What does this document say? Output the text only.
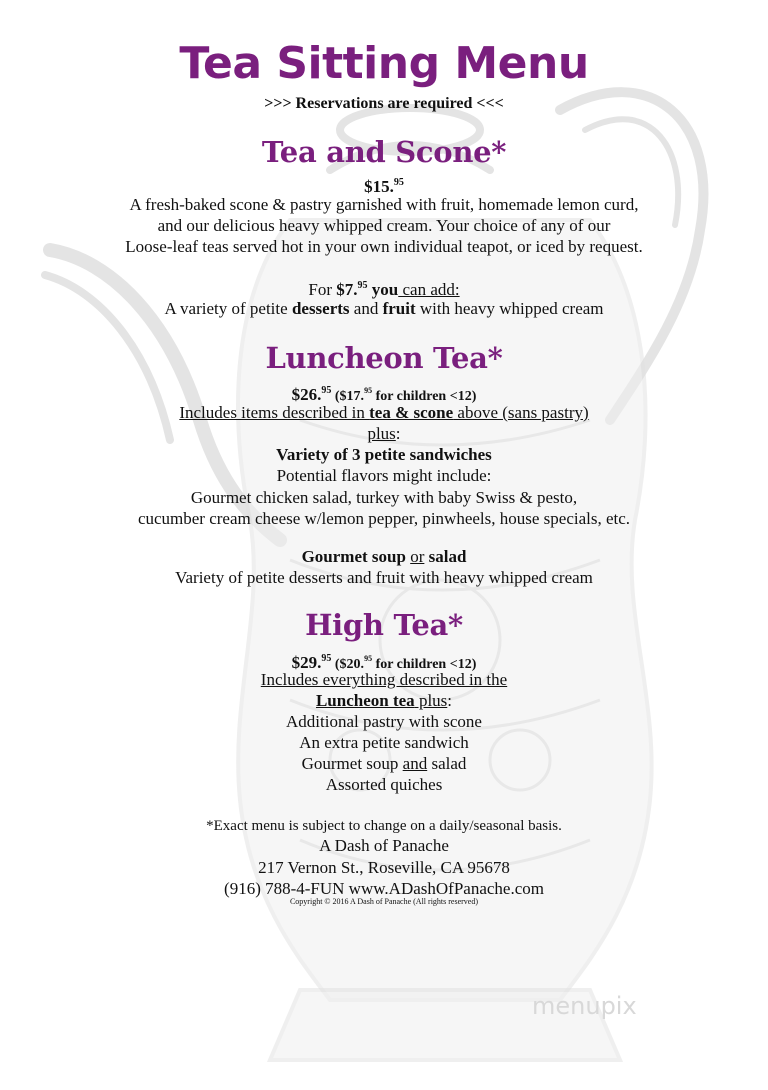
Tea Sitting Menu
>>> Reservations are required <<<
Tea and Scone*
$15.95
A fresh-baked scone & pastry garnished with fruit, homemade lemon curd,
and our delicious heavy whipped cream. Your choice of any of our
Loose-leaf teas served hot in your own individual teapot, or iced by request.
For $7.95 you can add:
A variety of petite desserts and fruit with heavy whipped cream
Luncheon Tea*
$26.95 ($17.95 for children <12)
Includes items described in tea & scone above (sans pastry)
plus:
Variety of 3 petite sandwiches
Potential flavors might include:
Gourmet chicken salad, turkey with baby Swiss & pesto,
cucumber cream cheese w/lemon pepper, pinwheels, house specials, etc.
Gourmet soup or salad
Variety of petite desserts and fruit with heavy whipped cream
High Tea*
$29.95 ($20.95 for children <12)
Includes everything described in the
Luncheon tea plus:
Additional pastry with scone
An extra petite sandwich
Gourmet soup and salad
Assorted quiches
*Exact menu is subject to change on a daily/seasonal basis.
A Dash of Panache
217 Vernon St., Roseville, CA 95678
(916) 788-4-FUN www.ADashOfPanache.com
Copyright © 2016 A Dash of Panache (All rights reserved)
menupix
